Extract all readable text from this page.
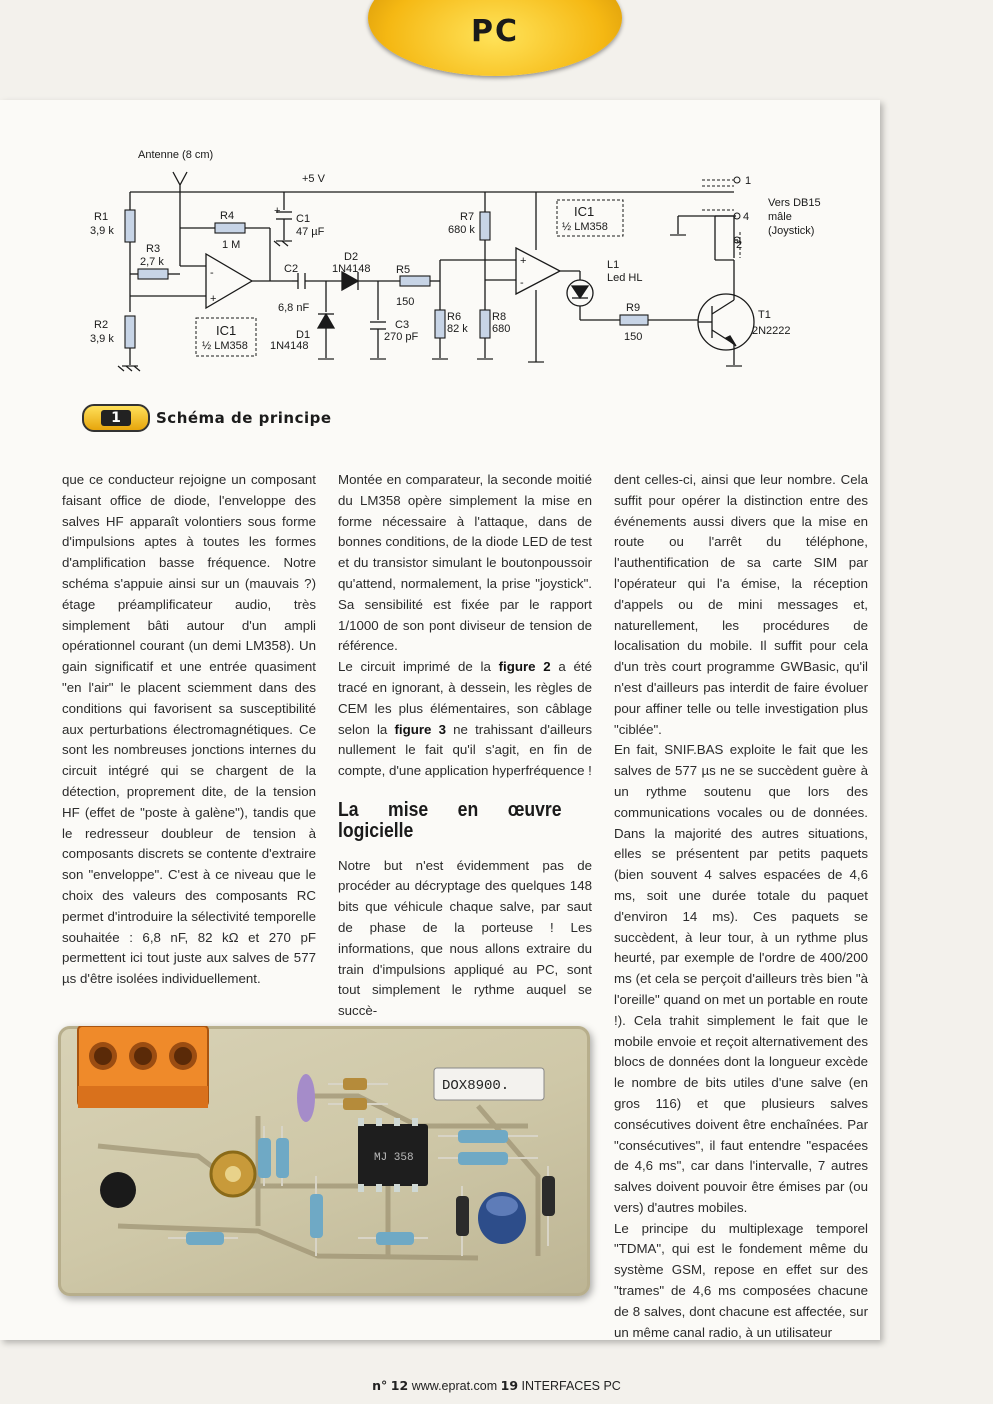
PC
Antenne (8 cm)
+5 V
R1
3,9 k
R2
3,9 k
R3
2,7 k
R4
1 M
C1
47 µF
+
C2
6,8 nF
D1
1N4148
D2
1N4148 R5
150
C3
270 pF
R6
82 k
R7
680 k
R8
680
R9
150
IC1
½ LM358
IC1
½ LM358
-
+
+
-
L1
Led HL
T1
2N2222
1
4
2
Vers DB15
mâle
(Joystick)
1	Schéma de principe

que ce conducteur rejoigne un composant faisant office de diode, l'enveloppe des salves HF apparaît volontiers sous forme d'impulsions aptes à toutes les formes d'amplification basse fréquence. Notre schéma s'appuie ainsi sur un (mauvais ?) étage préamplificateur audio, très simplement bâti autour d'un ampli opérationnel courant (un demi LM358). Un gain significatif et une entrée quasiment "en l'air" le placent sciemment dans des conditions qui favorisent sa susceptibilité aux perturbations électromagnétiques. Ce sont les nombreuses jonctions internes du circuit intégré qui se chargent de la détection, proprement dite, de la tension HF (effet de "poste à galène"), tandis que le redresseur doubleur de tension à composants discrets se contente d'extraire son "enveloppe". C'est à ce niveau que le choix des valeurs des composants RC permet d'introduire la sélectivité temporelle souhaitée : 6,8 nF, 82 kΩ et 270 pF permettent ici tout juste aux salves de 577 µs d'être isolées individuellement.

Montée en comparateur, la seconde moitié du LM358 opère simplement la mise en forme nécessaire à l'attaque, dans de bonnes conditions, de la diode LED de test et du transistor simulant le boutonpoussoir qu'attend, normalement, la prise "joystick". Sa sensibilité est fixée par le rapport 1/1000 de son pont diviseur de tension de référence.

Le circuit imprimé de la figure 2 a été tracé en ignorant, à dessein, les règles de CEM les plus élémentaires, son câblage selon la figure 3 ne trahissant d'ailleurs nullement le fait qu'il s'agit, en fin de compte, d'une application hyperfréquence !

La mise en œuvre logicielle

Notre but n'est évidemment pas de procéder au décryptage des quelques 148 bits que véhicule chaque salve, par saut de phase de la porteuse ! Les informations, que nous allons extraire du train d'impulsions appliqué au PC, sont tout simplement le rythme auquel se succè-

dent celles-ci, ainsi que leur nombre. Cela suffit pour opérer la distinction entre des événements aussi divers que la mise en route ou l'arrêt du téléphone, l'authentification de sa carte SIM par l'opérateur qui l'a émise, la réception d'appels ou de mini messages et, naturellement, les procédures de localisation du mobile. Il suffit pour cela d'un très court programme GWBasic, qu'il n'est d'ailleurs pas interdit de faire évoluer pour affiner telle ou telle investigation plus "ciblée".

En fait, SNIF.BAS exploite le fait que les salves de 577 µs ne se succèdent guère à un rythme soutenu que lors des communications vocales ou de données. Dans la majorité des autres situations, elles se présentent par petits paquets (bien souvent 4 salves espacées de 4,6 ms, soit une durée totale du paquet d'environ 14 ms). Ces paquets se succèdent, à leur tour, à un rythme plus heurté, par exemple de l'ordre de 400/200 ms (et cela se perçoit d'ailleurs très bien "à l'oreille" quand on met un portable en route !). Cela trahit simplement le fait que le mobile envoie et reçoit alternativement des blocs de données dont la longueur excède le nombre de bits utiles d'une salve (en gros 116) et que plusieurs salves consécutives doivent être enchaînées. Par "consécutives", il faut entendre "espacées de 4,6 ms", car dans l'intervalle, 7 autres salves doivent pouvoir être émises par (ou vers) d'autres mobiles.

Le principe du multiplexage temporel "TDMA", qui est le fondement même du système GSM, repose en effet sur des "trames" de 4,6 ms composées chacune de 8 salves, dont chacune est affectée, sur un même canal radio, à un utilisateur

DOX8900.
MJ 358
n° 12 www.eprat.com 19 INTERFACES PC
